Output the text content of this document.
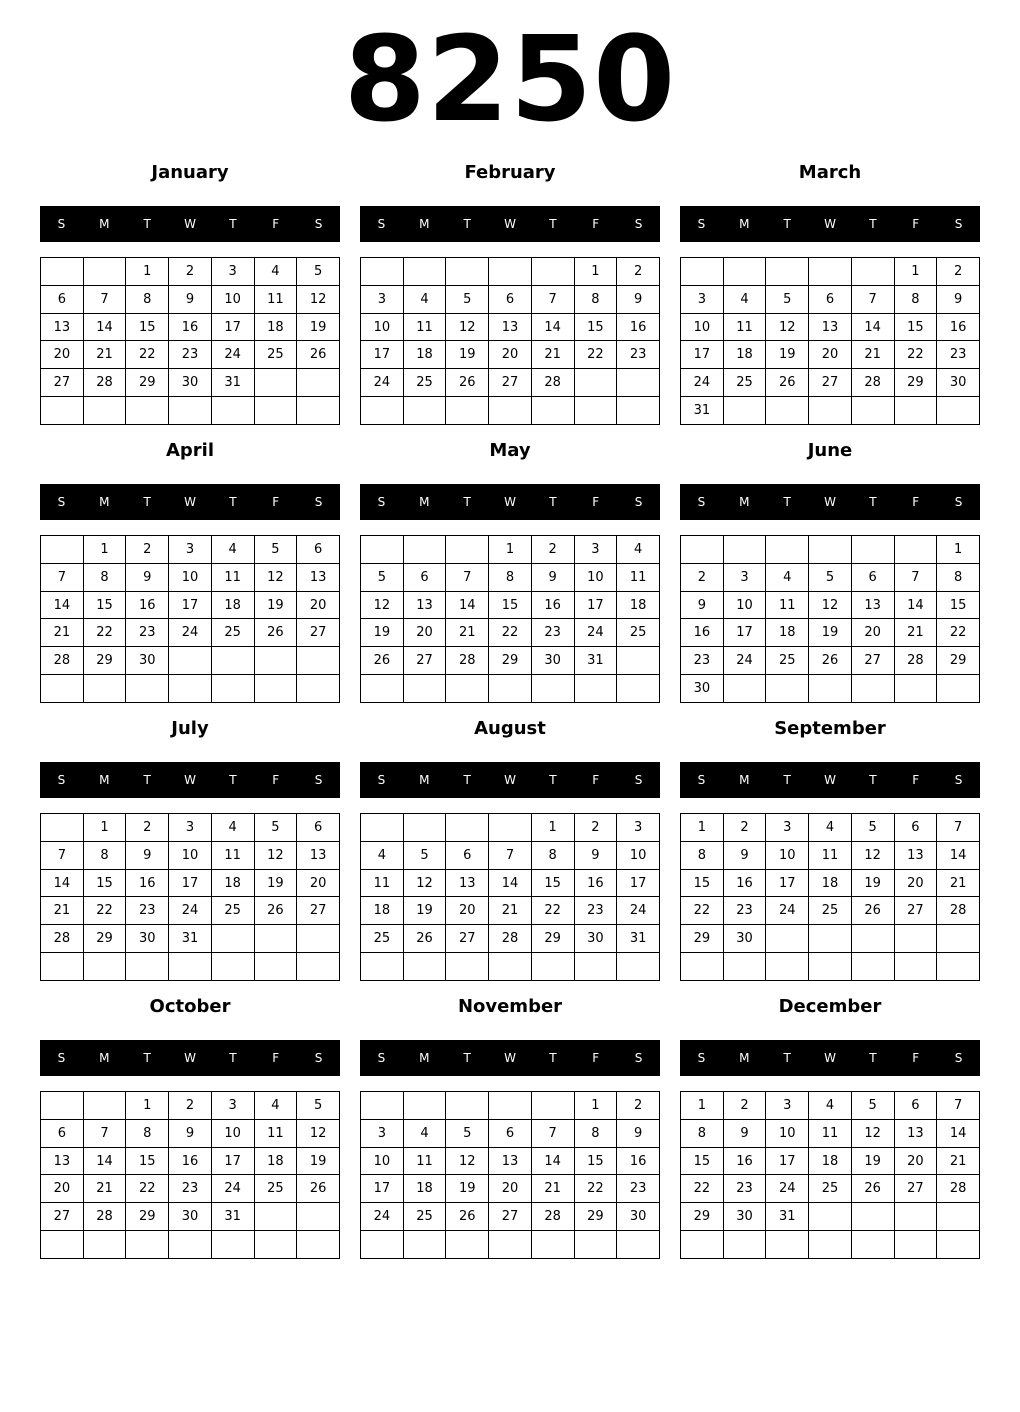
8250
January
S	M	T	W	T	F	S
		1	2	3	4	5
6	7	8	9	10	11	12
13	14	15	16	17	18	19
20	21	22	23	24	25	26
27	28	29	30	31		

February
S	M	T	W	T	F	S
					1	2
3	4	5	6	7	8	9
10	11	12	13	14	15	16
17	18	19	20	21	22	23
24	25	26	27	28		

March
S	M	T	W	T	F	S
					1	2
3	4	5	6	7	8	9
10	11	12	13	14	15	16
17	18	19	20	21	22	23
24	25	26	27	28	29	30
31						
April
S	M	T	W	T	F	S
	1	2	3	4	5	6
7	8	9	10	11	12	13
14	15	16	17	18	19	20
21	22	23	24	25	26	27
28	29	30				

May
S	M	T	W	T	F	S
			1	2	3	4
5	6	7	8	9	10	11
12	13	14	15	16	17	18
19	20	21	22	23	24	25
26	27	28	29	30	31	

June
S	M	T	W	T	F	S
						1
2	3	4	5	6	7	8
9	10	11	12	13	14	15
16	17	18	19	20	21	22
23	24	25	26	27	28	29
30						
July
S	M	T	W	T	F	S
	1	2	3	4	5	6
7	8	9	10	11	12	13
14	15	16	17	18	19	20
21	22	23	24	25	26	27
28	29	30	31			

August
S	M	T	W	T	F	S
				1	2	3
4	5	6	7	8	9	10
11	12	13	14	15	16	17
18	19	20	21	22	23	24
25	26	27	28	29	30	31

September
S	M	T	W	T	F	S
1	2	3	4	5	6	7
8	9	10	11	12	13	14
15	16	17	18	19	20	21
22	23	24	25	26	27	28
29	30					

October
S	M	T	W	T	F	S
		1	2	3	4	5
6	7	8	9	10	11	12
13	14	15	16	17	18	19
20	21	22	23	24	25	26
27	28	29	30	31		

November
S	M	T	W	T	F	S
					1	2
3	4	5	6	7	8	9
10	11	12	13	14	15	16
17	18	19	20	21	22	23
24	25	26	27	28	29	30

December
S	M	T	W	T	F	S
1	2	3	4	5	6	7
8	9	10	11	12	13	14
15	16	17	18	19	20	21
22	23	24	25	26	27	28
29	30	31				
